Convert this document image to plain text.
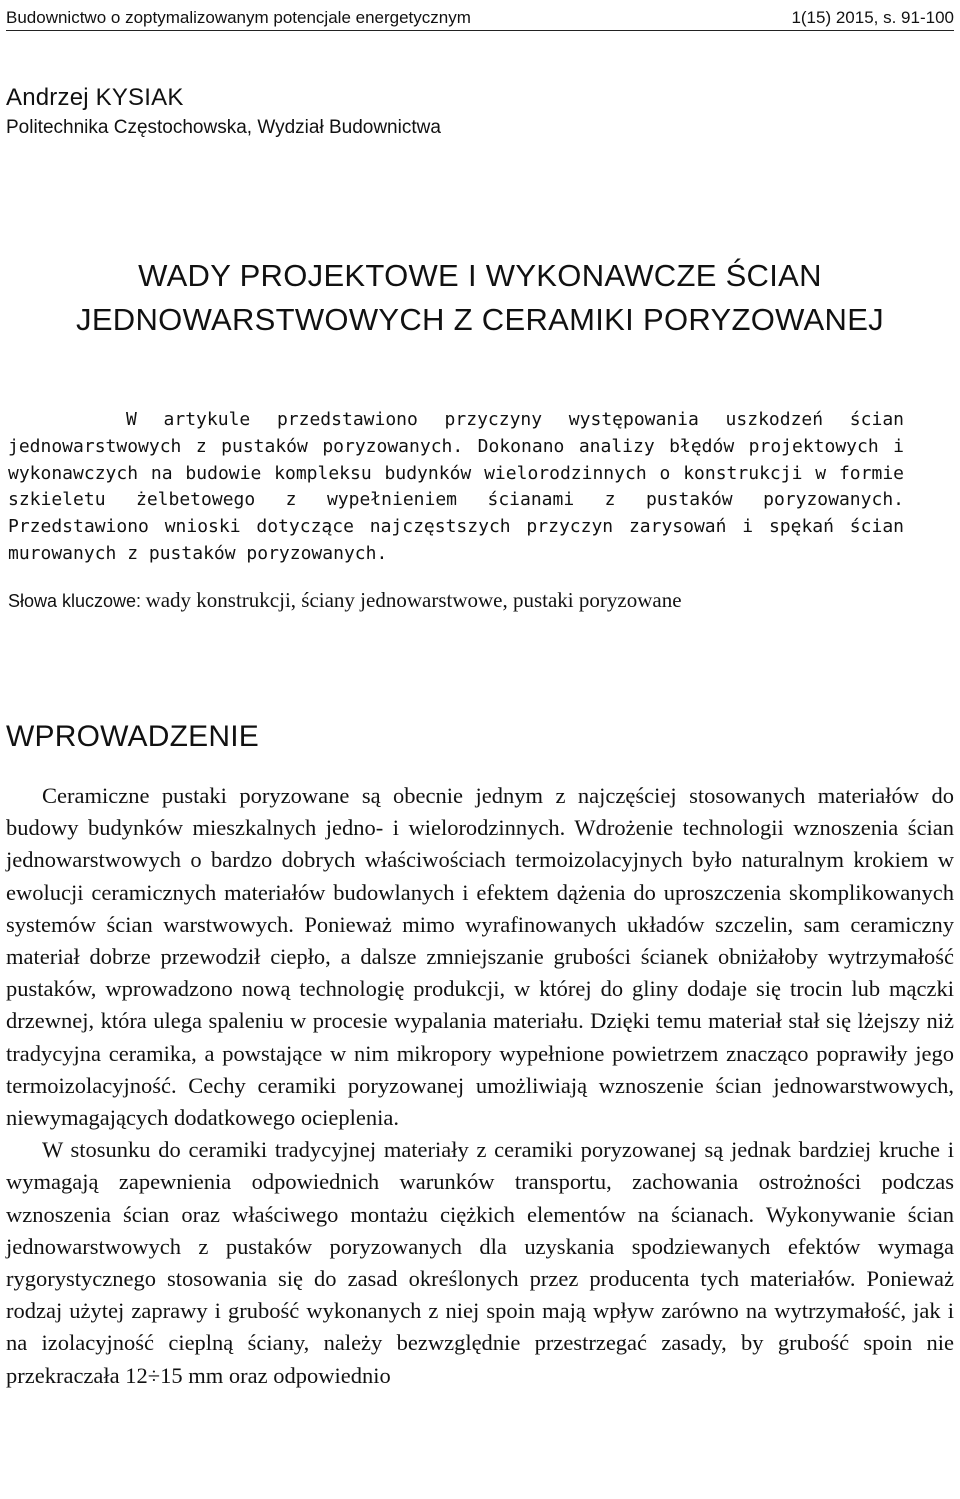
Budownictwo o zoptymalizowanym potencjale energetycznym	1(15) 2015, s. 91-100
Andrzej KYSIAK
Politechnika Częstochowska, Wydział Budownictwa
WADY PROJEKTOWE I WYKONAWCZE ŚCIAN
JEDNOWARSTWOWYCH Z CERAMIKI PORYZOWANEJ

W artykule przedstawiono przyczyny występowania uszkodzeń ścian jednowarstwowych z pustaków poryzowanych. Dokonano analizy błędów projektowych i wykonawczych na budowie kompleksu budynków wielorodzinnych o konstrukcji w formie szkieletu żelbetowego z wypełnieniem ścianami z pustaków poryzowanych. Przedstawiono wnioski dotyczące najczęstszych przyczyn zarysowań i spękań ścian murowanych z pustaków poryzowanych.

Słowa kluczowe: wady konstrukcji, ściany jednowarstwowe, pustaki poryzowane
WPROWADZENIE

Ceramiczne pustaki poryzowane są obecnie jednym z najczęściej stosowanych materiałów do budowy budynków mieszkalnych jedno- i wielorodzinnych. Wdrożenie technologii wznoszenia ścian jednowarstwowych o bardzo dobrych właściwościach termoizolacyjnych było naturalnym krokiem w ewolucji ceramicznych materiałów budowlanych i efektem dążenia do uproszczenia skomplikowanych systemów ścian warstwowych. Ponieważ mimo wyrafinowanych układów szczelin, sam ceramiczny materiał dobrze przewodził ciepło, a dalsze zmniejszanie grubości ścianek obniżałoby wytrzymałość pustaków, wprowadzono nową technologię produkcji, w której do gliny dodaje się trocin lub mączki drzewnej, która ulega spaleniu w procesie wypalania materiału. Dzięki temu materiał stał się lżejszy niż tradycyjna ceramika, a powstające w nim mikropory wypełnione powietrzem znacząco poprawiły jego termoizolacyjność. Cechy ceramiki poryzowanej umożliwiają wznoszenie ścian jednowarstwowych, niewymagających dodatkowego ocieplenia.

W stosunku do ceramiki tradycyjnej materiały z ceramiki poryzowanej są jednak bardziej kruche i wymagają zapewnienia odpowiednich warunków transportu, zachowania ostrożności podczas wznoszenia ścian oraz właściwego montażu ciężkich elementów na ścianach. Wykonywanie ścian jednowarstwowych z pustaków poryzowanych dla uzyskania spodziewanych efektów wymaga rygorystycznego stosowania się do zasad określonych przez producenta tych materiałów. Ponieważ rodzaj użytej zaprawy i grubość wykonanych z niej spoin mają wpływ zarówno na wytrzymałość, jak i na izolacyjność cieplną ściany, należy bezwzględnie przestrzegać zasady, by grubość spoin nie przekraczała 12÷15 mm oraz odpowiednio
